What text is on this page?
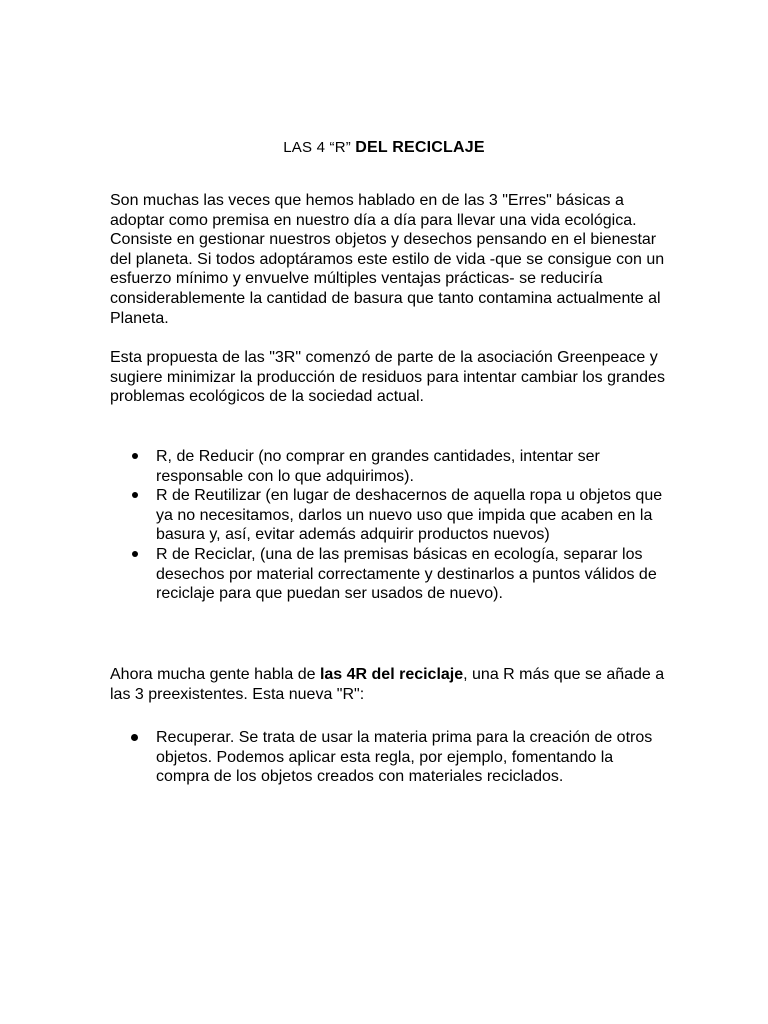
LAS 4 “R” DEL RECICLAJE

Son muchas las veces que hemos hablado en de las 3 "Erres" básicas a adoptar como premisa en nuestro día a día para llevar una vida ecológica. Consiste en gestionar nuestros objetos y desechos pensando en el bienestar del planeta. Si todos adoptáramos este estilo de vida -que se consigue con un esfuerzo mínimo y envuelve múltiples ventajas prácticas- se reduciría considerablemente la cantidad de basura que tanto contamina actualmente al Planeta.

Esta propuesta de las "3R" comenzó de parte de la asociación Greenpeace y sugiere minimizar la producción de residuos para intentar cambiar los grandes problemas ecológicos de la sociedad actual.

R, de Reducir (no comprar en grandes cantidades, intentar ser responsable con lo que adquirimos).
R de Reutilizar (en lugar de deshacernos de aquella ropa u objetos que ya no necesitamos, darlos un nuevo uso que impida que acaben en la basura y, así, evitar además adquirir productos nuevos)
R de Reciclar, (una de las premisas básicas en ecología, separar los desechos por material correctamente y destinarlos a puntos válidos de reciclaje para que puedan ser usados de nuevo).

Ahora mucha gente habla de las 4R del reciclaje, una R más que se añade a las 3 preexistentes. Esta nueva "R":

Recuperar. Se trata de usar la materia prima para la creación de otros objetos. Podemos aplicar esta regla, por ejemplo, fomentando la compra de los objetos creados con materiales reciclados.
